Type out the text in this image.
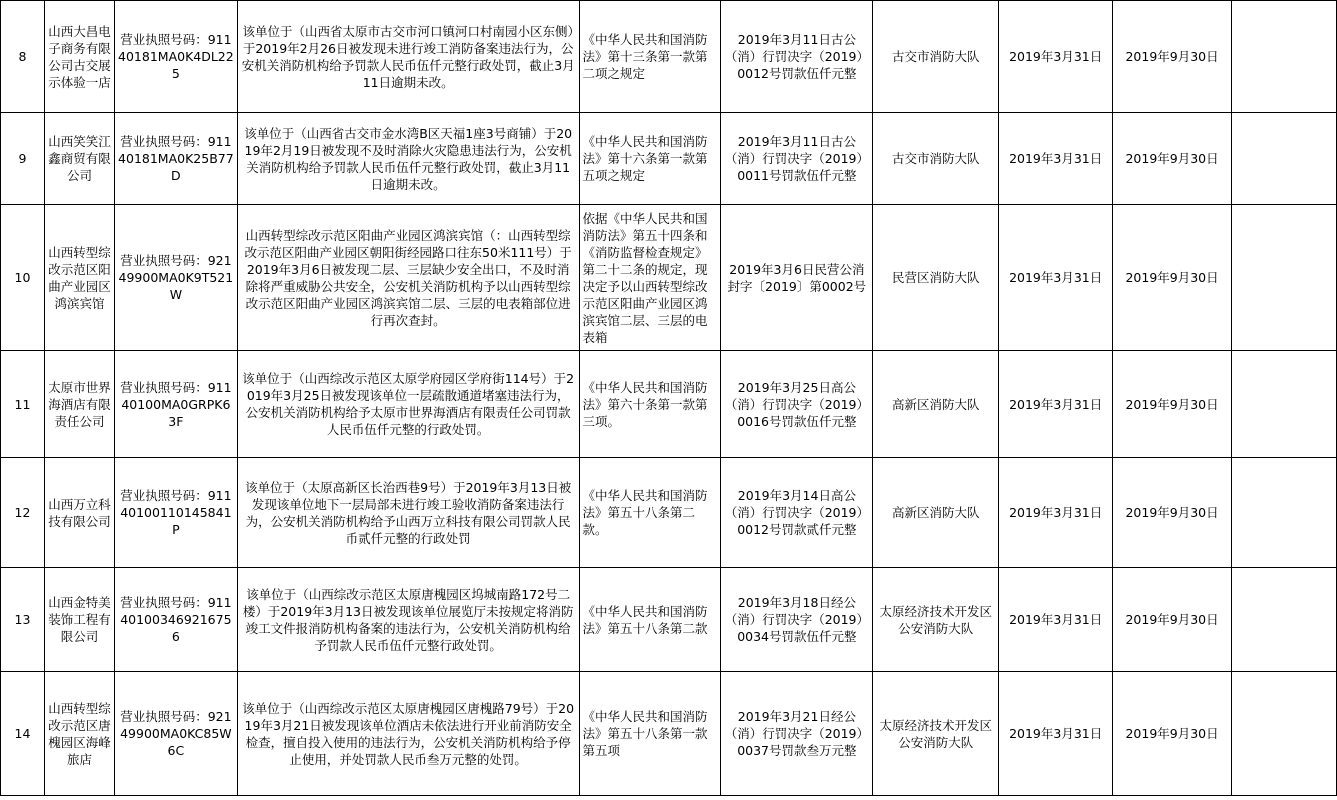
8	山西大昌电子商务有限公司古交展示体验一店	营业执照号码：91140181MA0K4DL225	该单位于（山西省太原市古交市河口镇河口村南园小区东侧）于2019年2月26日被发现未进行竣工消防备案违法行为，公安机关消防机构给予罚款人民币伍仟元整行政处罚，截止3月11日逾期未改。	《中华人民共和国消防法》第十三条第一款第二项之规定	2019年3月11日古公（消）行罚决字（2019）0012号罚款伍仟元整	古交市消防大队	2019年3月31日	2019年9月30日	

9	山西笑笑江鑫商贸有限公司	营业执照号码：91140181MA0K25B77D	该单位于（山西省古交市金水湾B区天福1座3号商铺）于2019年2月19日被发现不及时消除火灾隐患违法行为，公安机关消防机构给予罚款人民币伍仟元整行政处罚，截止3月11日逾期未改。	《中华人民共和国消防法》第十六条第一款第五项之规定	2019年3月11日古公（消）行罚决字（2019）0011号罚款伍仟元整	古交市消防大队	2019年3月31日	2019年9月30日	

10	山西转型综改示范区阳曲产业园区鸿滨宾馆	营业执照号码：92149900MA0K9T521W	山西转型综改示范区阳曲产业园区鸿滨宾馆（：山西转型综改示范区阳曲产业园区朝阳街经园路口往东50米111号）于2019年3月6日被发现二层、三层缺少安全出口，不及时消除将严重威胁公共安全，公安机关消防机构予以山西转型综改示范区阳曲产业园区鸿滨宾馆二层、三层的电表箱部位进行再次查封。	依据《中华人民共和国消防法》第五十四条和《消防监督检查规定》第二十二条的规定，现决定予以山西转型综改示范区阳曲产业园区鸿滨宾馆二层、三层的电表箱	2019年3月6日民营公消封字〔2019〕第0002号	民营区消防大队	2019年3月31日	2019年9月30日	

11	太原市世界海酒店有限责任公司	营业执照号码：91140100MA0GRPK63F	该单位于（山西综改示范区太原学府园区学府街114号）于2019年3月25日被发现该单位一层疏散通道堵塞违法行为，公安机关消防机构给予太原市世界海酒店有限责任公司罚款人民币伍仟元整的行政处罚。	《中华人民共和国消防法》第六十条第一款第三项。	2019年3月25日高公（消）行罚决字（2019）0016号罚款伍仟元整	高新区消防大队	2019年3月31日	2019年9月30日	

12	山西万立科技有限公司	营业执照号码：91140100110145841P	该单位于（太原高新区长治西巷9号）于2019年3月13日被发现该单位地下一层局部未进行竣工验收消防备案违法行为，公安机关消防机构给予山西万立科技有限公司罚款人民币贰仟元整的行政处罚	《中华人民共和国消防法》第五十八条第二款。	2019年3月14日高公（消）行罚决字（2019）0012号罚款贰仟元整	高新区消防大队	2019年3月31日	2019年9月30日	

13	山西金特美装饰工程有限公司	营业执照号码：911401003469216756	该单位于（山西综改示范区太原唐槐园区坞城南路172号二楼）于2019年3月13日被发现该单位展览厅未按规定将消防竣工文件报消防机构备案的违法行为，公安机关消防机构给予罚款人民币伍仟元整行政处罚。	《中华人民共和国消防法》第五十八条第二款	2019年3月18日经公（消）行罚决字（2019）0034号罚款伍仟元整	太原经济技术开发区公安消防大队	2019年3月31日	2019年9月30日	

14	山西转型综改示范区唐槐园区海峰旅店	营业执照号码：92149900MA0KC85W6C	该单位于（山西综改示范区太原唐槐园区唐槐路79号）于2019年3月21日被发现该单位酒店未依法进行开业前消防安全检查，擅自投入使用的违法行为，公安机关消防机构给予停止使用，并处罚款人民币叁万元整的处罚。	《中华人民共和国消防法》第五十八条第一款第五项	2019年3月21日经公（消）行罚决字（2019）0037号罚款叁万元整	太原经济技术开发区公安消防大队	2019年3月31日	2019年9月30日	
